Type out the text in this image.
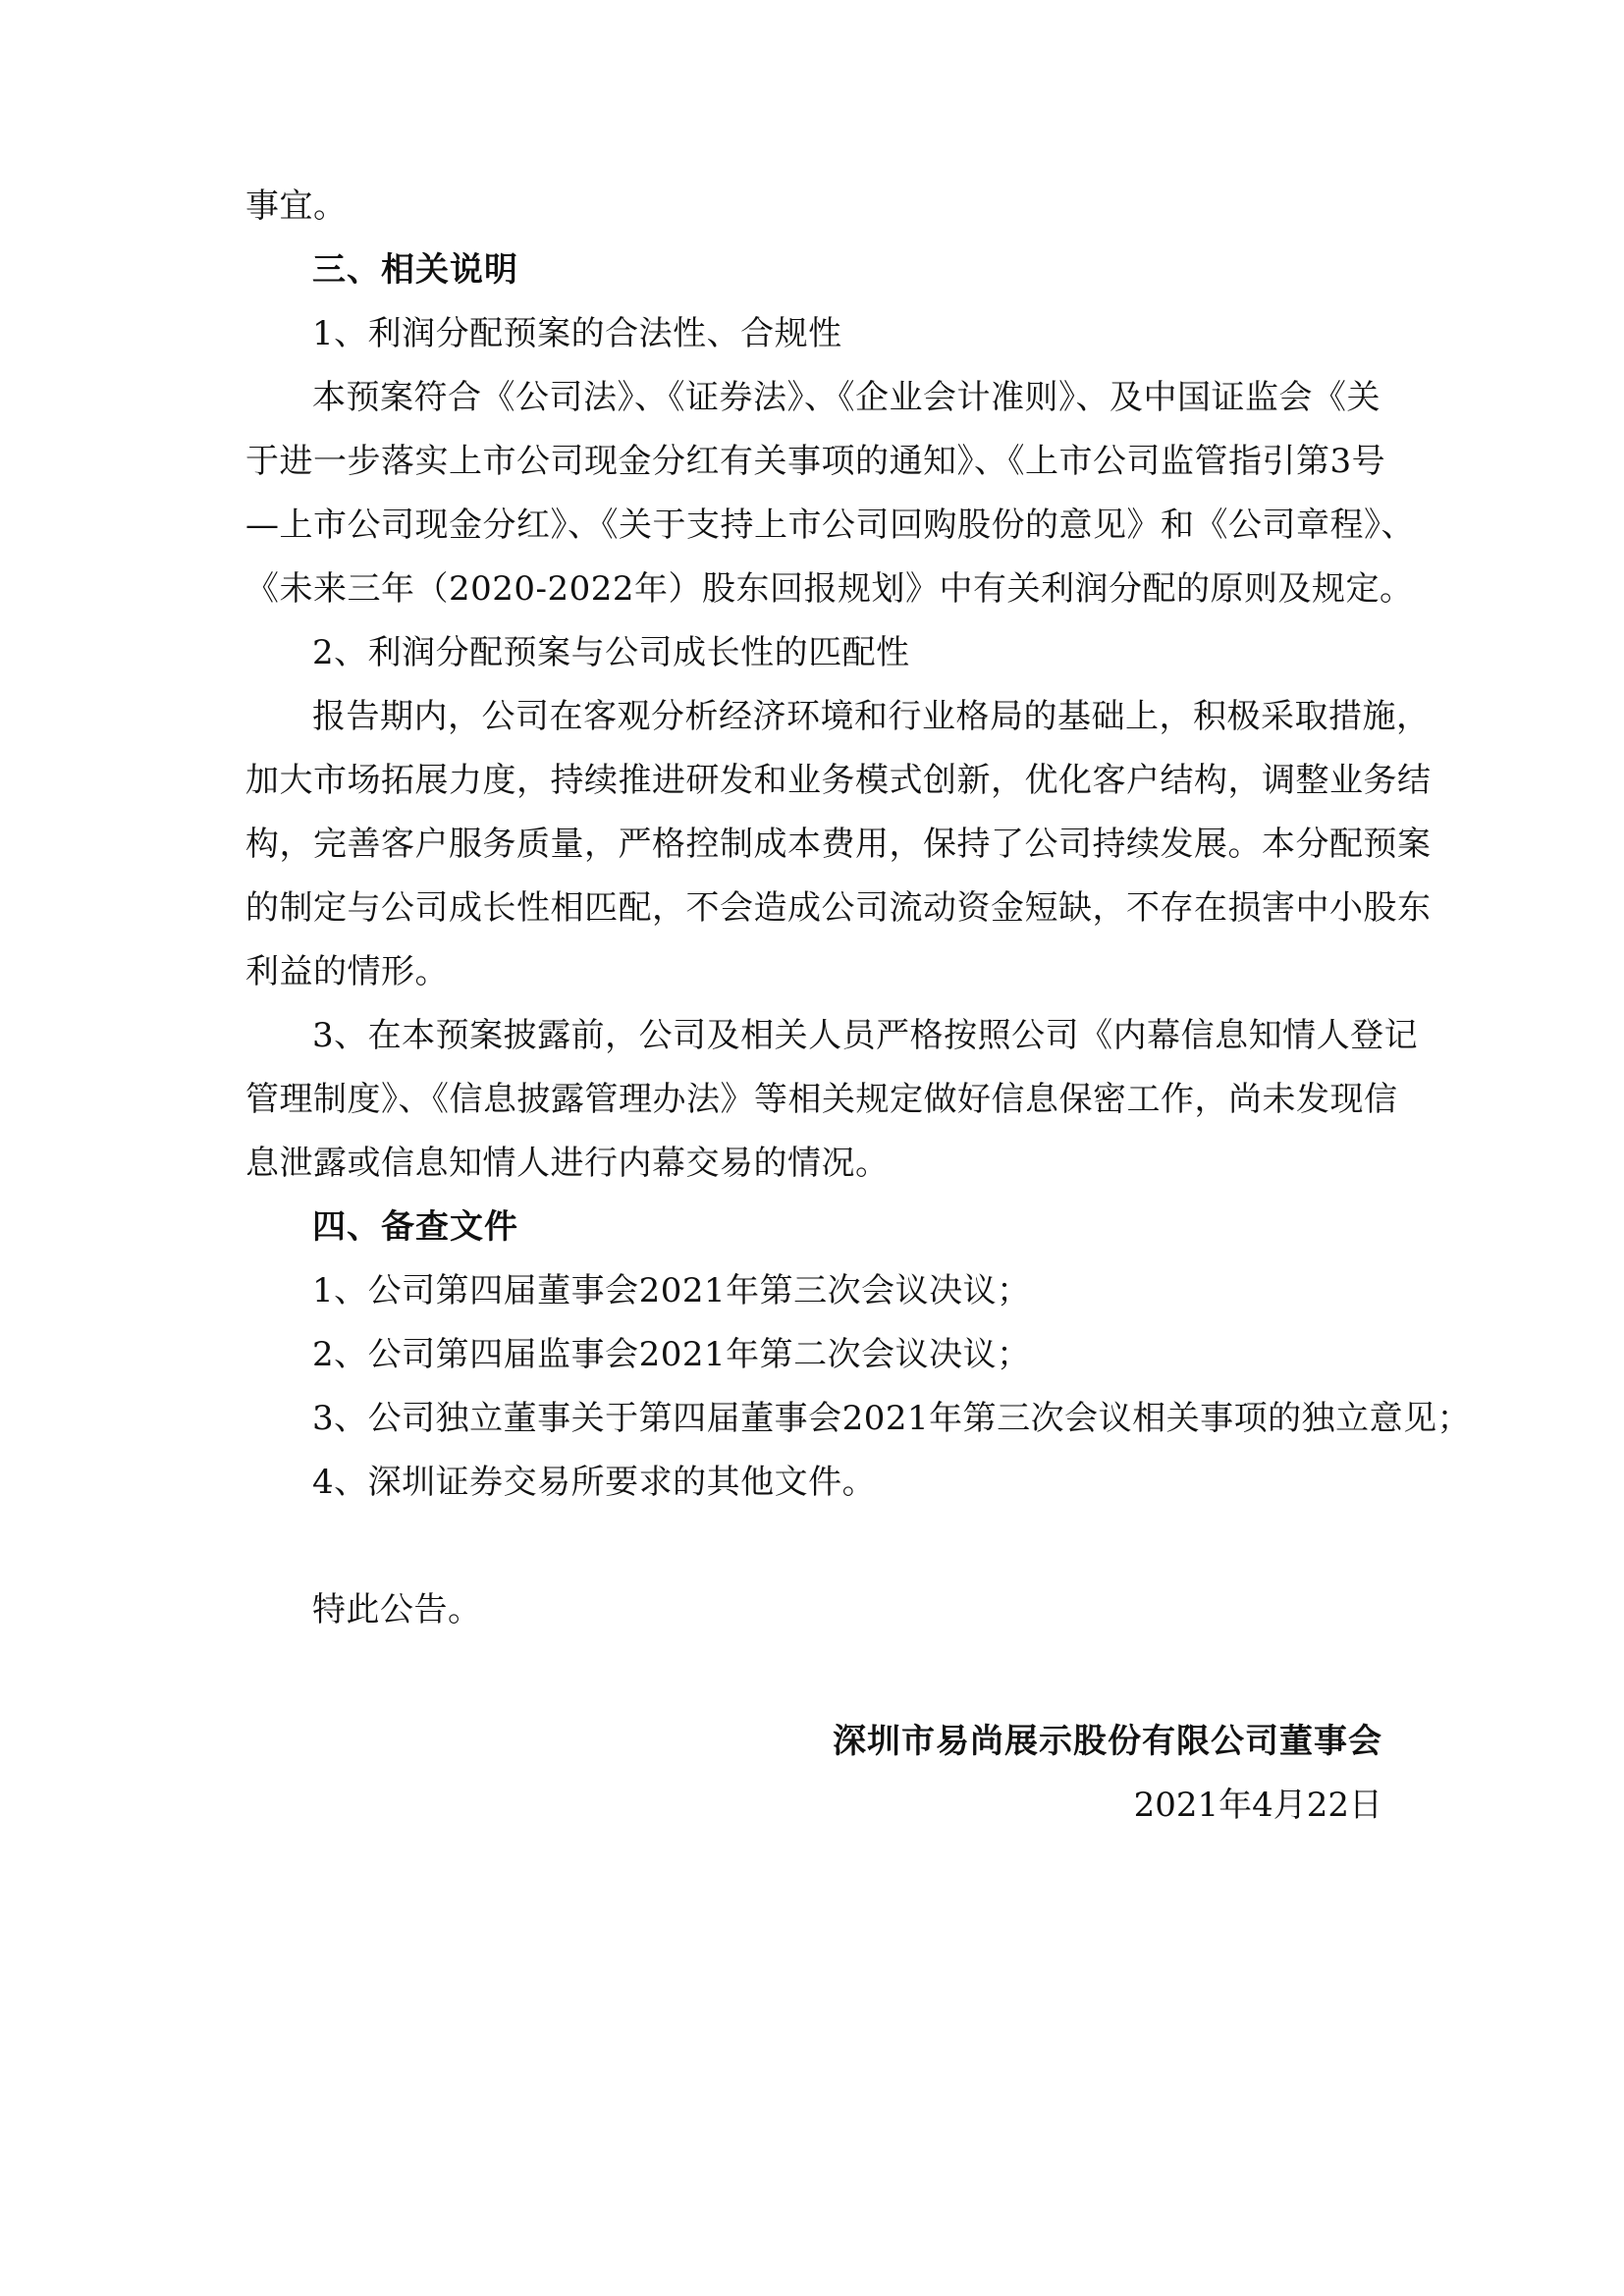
事宜。
三、相关说明
1、利润分配预案的合法性、合规性
本预案符合《公司法》、《证券法》、《企业会计准则》、及中国证监会《关
于进一步落实上市公司现金分红有关事项的通知》、《上市公司监管指引第3号
—上市公司现金分红》、《关于支持上市公司回购股份的意见》和《公司章程》、
《未来三年（2020-2022年）股东回报规划》中有关利润分配的原则及规定。
2、利润分配预案与公司成长性的匹配性
报告期内，公司在客观分析经济环境和行业格局的基础上，积极采取措施，
加大市场拓展力度，持续推进研发和业务模式创新，优化客户结构，调整业务结
构，完善客户服务质量，严格控制成本费用，保持了公司持续发展。本分配预案
的制定与公司成长性相匹配，不会造成公司流动资金短缺，不存在损害中小股东
利益的情形。
3、在本预案披露前，公司及相关人员严格按照公司《内幕信息知情人登记
管理制度》、《信息披露管理办法》等相关规定做好信息保密工作，尚未发现信
息泄露或信息知情人进行内幕交易的情况。
四、备查文件
1、公司第四届董事会2021年第三次会议决议；
2、公司第四届监事会2021年第二次会议决议；
3、公司独立董事关于第四届董事会2021年第三次会议相关事项的独立意见；
4、深圳证券交易所要求的其他文件。
特此公告。
深圳市易尚展示股份有限公司董事会
2021年4月22日
